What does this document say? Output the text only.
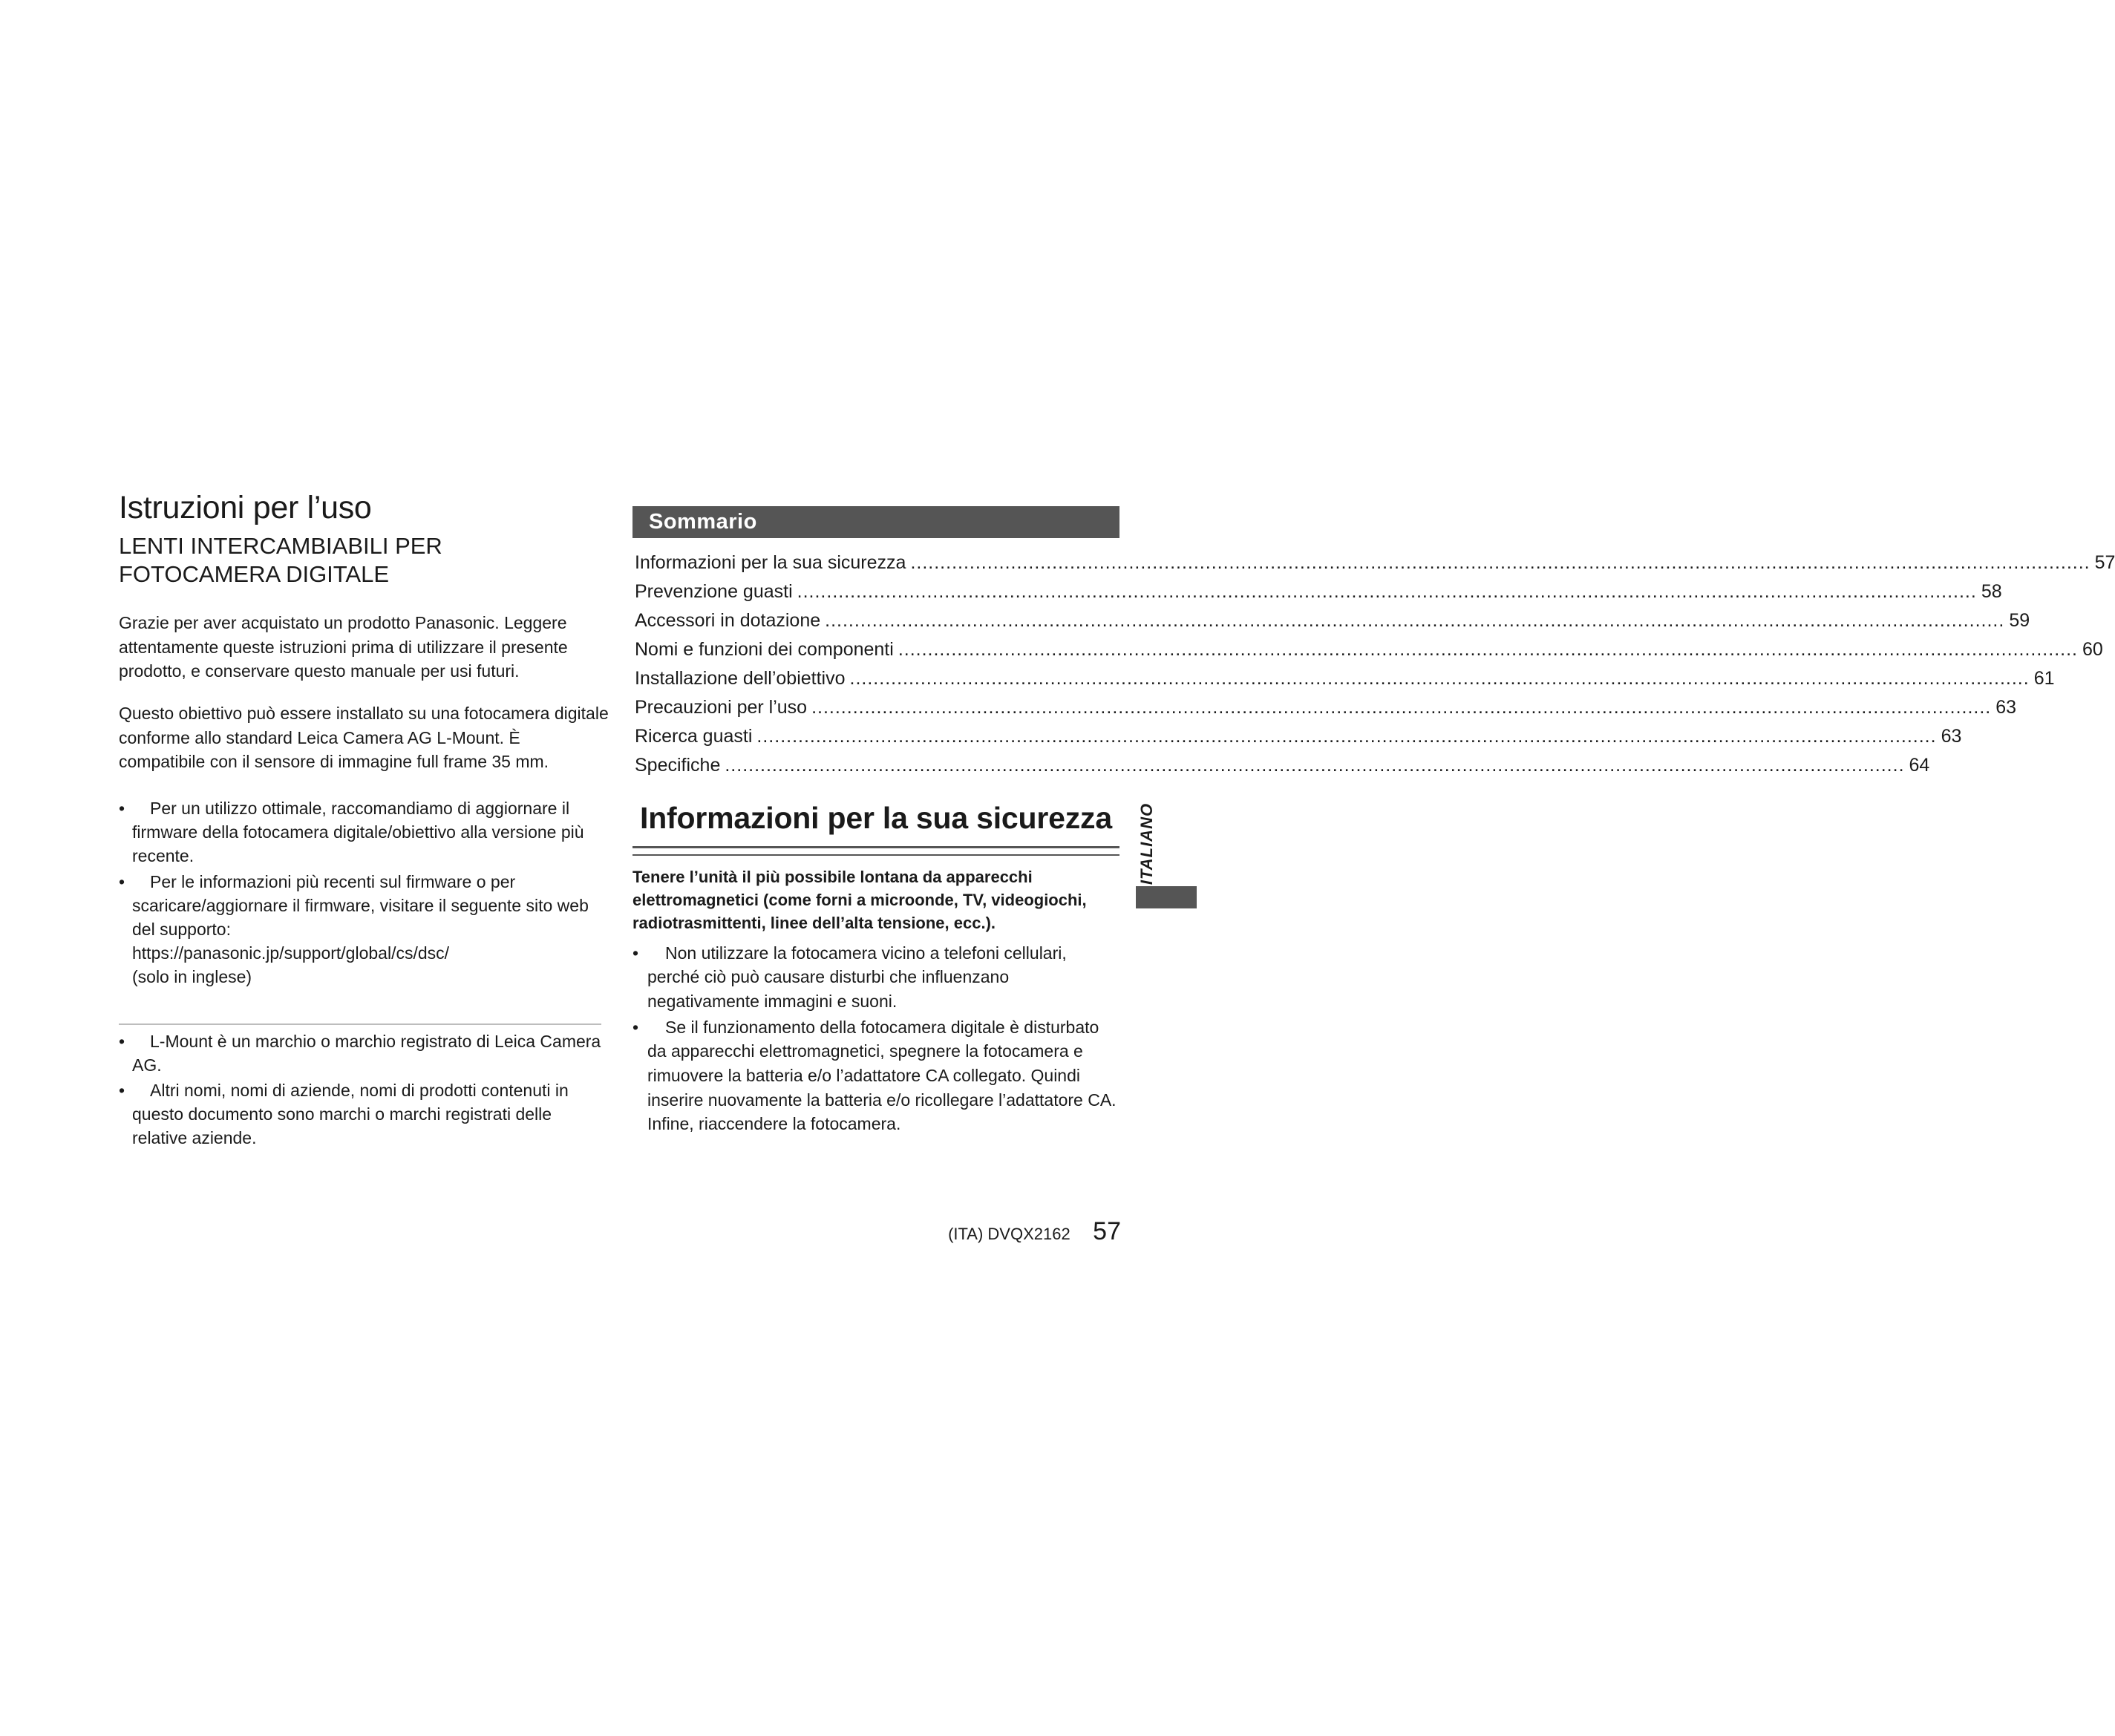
Istruzioni per l’uso
LENTI INTERCAMBIABILI PER
FOTOCAMERA DIGITALE

Grazie per aver acquistato un prodotto Panasonic. Leggere attentamente queste istruzioni prima di utilizzare il presente prodotto, e conservare questo manuale per usi futuri.

Questo obiettivo può essere installato su una fotocamera digitale conforme allo standard Leica Camera AG L-Mount. È compatibile con il sensore di immagine full frame 35 mm.

•	Per un utilizzo ottimale, raccomandiamo di aggiornare il firmware della fotocamera digitale/obiettivo alla versione più recente.
•	Per le informazioni più recenti sul firmware o per scaricare/aggiornare il firmware, visitare il seguente sito web del supporto:
https://panasonic.jp/support/global/cs/dsc/
(solo in inglese)
•	L-Mount è un marchio o marchio registrato di Leica Camera AG.
•	Altri nomi, nomi di aziende, nomi di prodotti contenuti in questo documento sono marchi o marchi registrati delle relative aziende.
Sommario
Informazioni per la sua sicurezza ........................................................................................................................................................................................................ 57
Prevenzione guasti ........................................................................................................................................................................................................ 58
Accessori in dotazione ........................................................................................................................................................................................................ 59
Nomi e funzioni dei componenti ........................................................................................................................................................................................................ 60
Installazione dell’obiettivo ........................................................................................................................................................................................................ 61
Precauzioni per l’uso ........................................................................................................................................................................................................ 63
Ricerca guasti ........................................................................................................................................................................................................ 63
Specifiche ........................................................................................................................................................................................................ 64
Informazioni per la sua sicurezza

Tenere l’unità il più possibile lontana da apparecchi elettromagnetici (come forni a microonde, TV, videogiochi, radiotrasmittenti, linee dell’alta tensione, ecc.).

•	Non utilizzare la fotocamera vicino a telefoni cellulari, perché ciò può causare disturbi che influenzano negativamente immagini e suoni.
•	Se il funzionamento della fotocamera digitale è disturbato da apparecchi elettromagnetici, spegnere la fotocamera e rimuovere la batteria e/o l’adattatore CA collegato. Quindi inserire nuovamente la batteria e/o ricollegare l’adattatore CA. Infine, riaccendere la fotocamera.
ITALIANO
(ITA) DVQX2162 57
